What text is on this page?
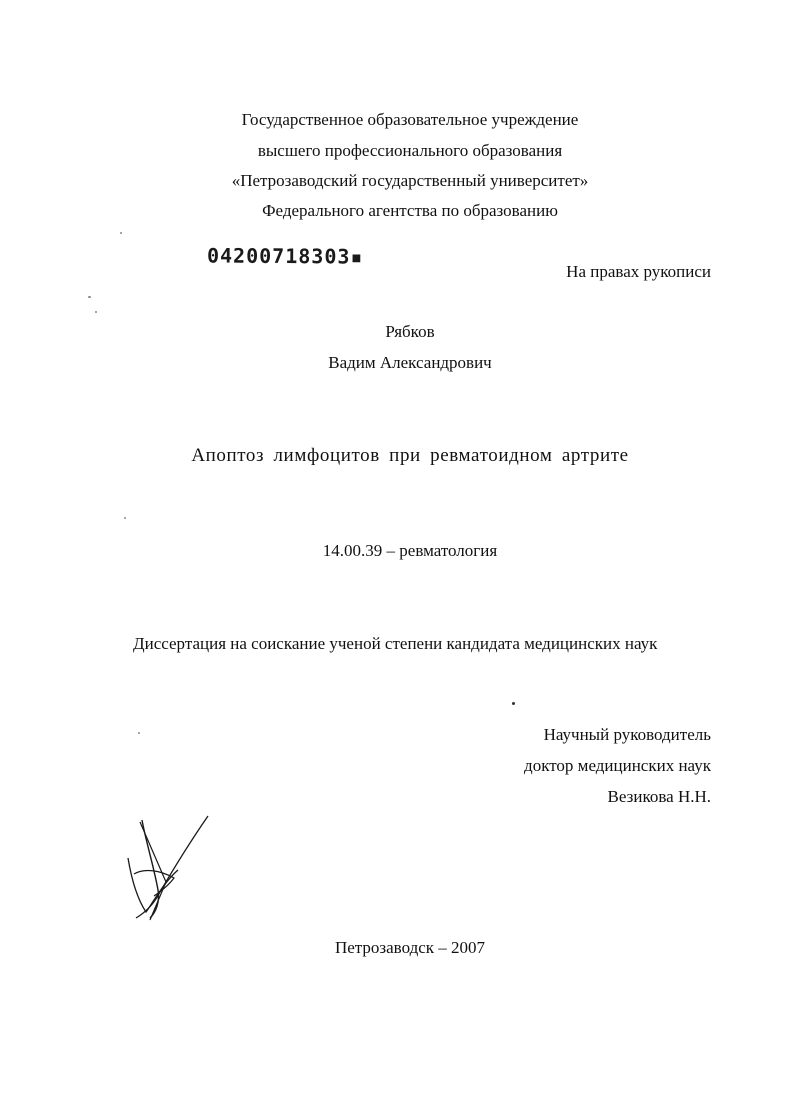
Государственное образовательное учреждение
высшего профессионального образования
«Петрозаводский государственный университет»
Федерального агентства по образованию
04200718303▪
На правах рукописи
Рябков
Вадим Александрович
Апоптоз лимфоцитов при ревматоидном артрите
14.00.39 – ревматология
Диссертация на соискание ученой степени кандидата медицинских наук
Научный руководитель
доктор медицинских наук
Везикова Н.Н.
Петрозаводск – 2007
